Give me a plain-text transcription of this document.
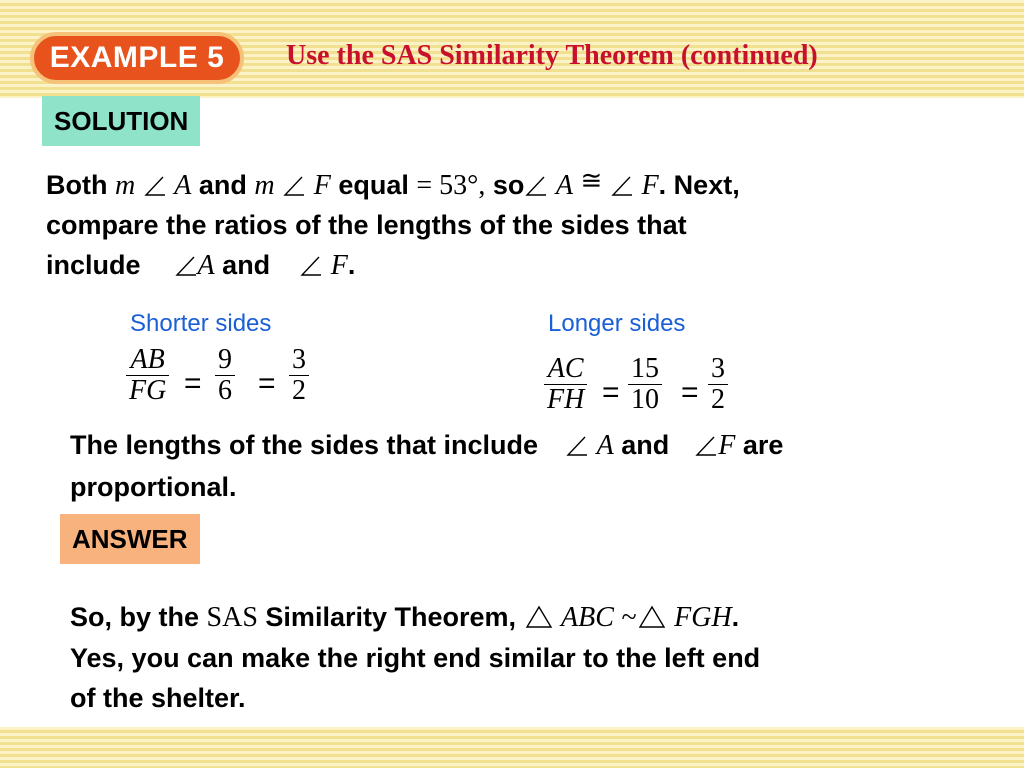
EXAMPLE 5	Use the SAS Similarity Theorem (continued)
SOLUTION
Both m A and m F equal = 53°, so A ≅ F. Next,
compare the ratios of the lengths of the sides that
include A and F.
Shorter sides
$\frac{AB}{FG} = \frac{9}{6} = \frac{3}{2}$
Longer sides
$\frac{AC}{FH} = \frac{15}{10} = \frac{3}{2}$
The lengths of the sides that include A and F are
proportional.
ANSWER
So, by the SAS Similarity Theorem, ABC ~ FGH.
Yes, you can make the right end similar to the left end
of the shelter.
